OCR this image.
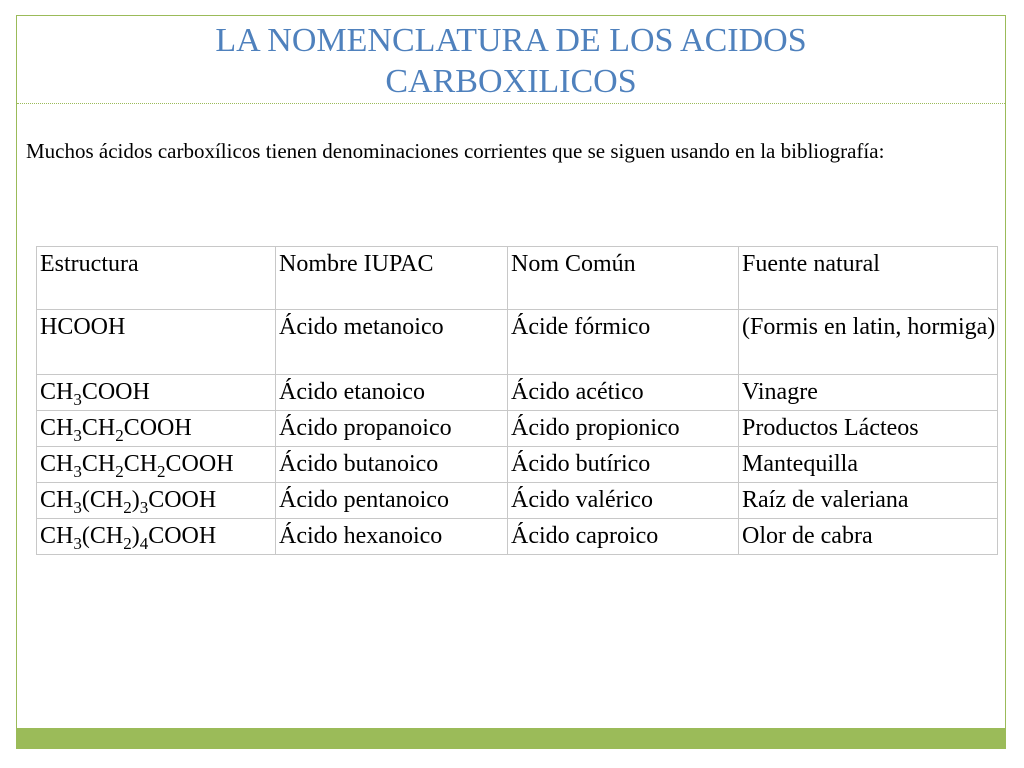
LA NOMENCLATURA DE LOS ACIDOS
CARBOXILICOS

Muchos ácidos carboxílicos tienen denominaciones corrientes que se siguen usando en la bibliografía:

Estructura	Nombre IUPAC	Nom Común	Fuente natural
HCOOH	Ácido metanoico	Ácide fórmico	(Formis en latin, hormiga)
$CH_3COOH$	Ácido etanoico	Ácido acético	Vinagre
$CH_3CH_2COOH$	Ácido propanoico	Ácido propionico	Productos Lácteos
$CH_3CH_2CH_2COOH$	Ácido butanoico	Ácido butírico	Mantequilla
$CH_3(CH_2)_3COOH$	Ácido pentanoico	Ácido valérico	Raíz de valeriana
$CH_3(CH_2)_4COOH$	Ácido hexanoico	Ácido caproico	Olor de cabra
